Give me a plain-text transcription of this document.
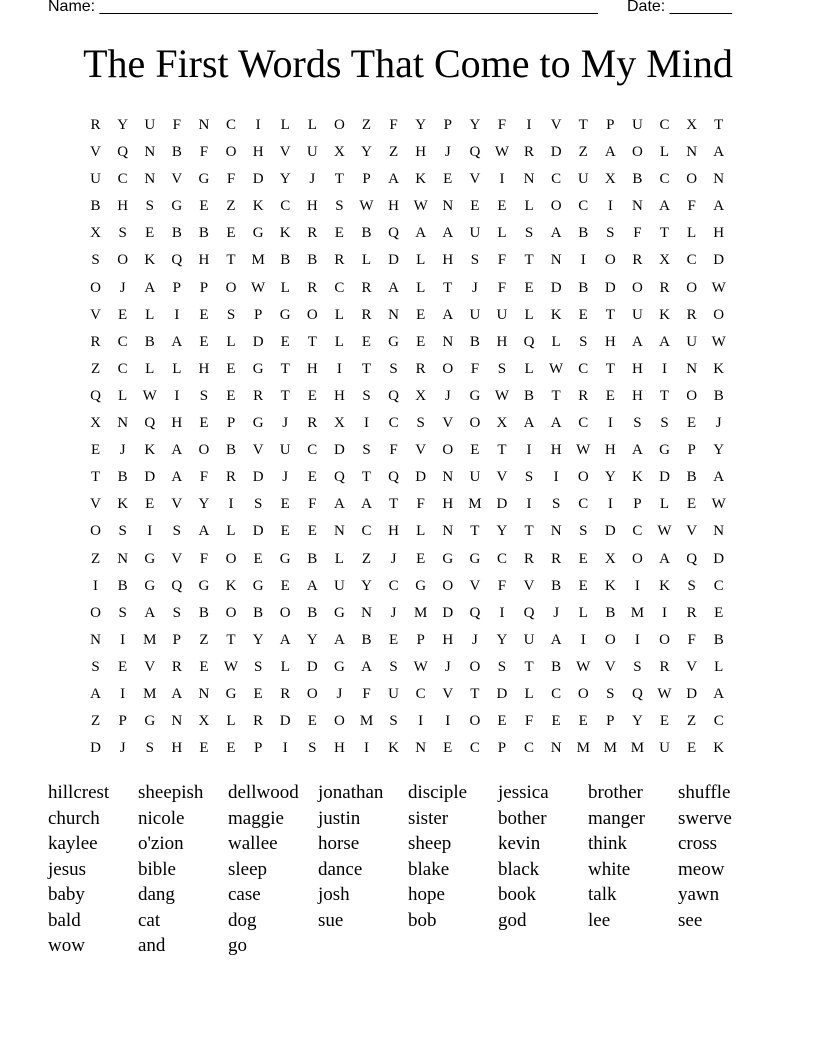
Name: ________________________________________________________ Date: _______
The First Words That Come to My Mind
R	Y	U	F	N	C	I	L	L	O	Z	F	Y	P	Y	F	I	V	T	P	U	C	X	T
V	Q	N	B	F	O	H	V	U	X	Y	Z	H	J	Q W	R	D	Z	A	O	L	N	A
U	C	N	V	G	F	D	Y	J	T	P	A	K	E	V	I	N	C	U	X	B	C	O	N
B	H	S	G	E	Z	K	C	H	S	W H W N	E	E	L	O	C	I	N	A	F	A
X	S	E	B	B	E	G	K	R	E	B	Q	A	A	U	L	S	A	B	S	F	T	L	H
S	O	K	Q	H	T	M	B	B	R	L	D	L	H	S	F	T	N	I	O	R	X	C	D
O	J	A	P	P	O W	L	R	C	R	A	L	T	J	F	E	D	B	D	O	R	O W
V	E	L	I	E	S	P	G	O	L	R	N	E	A	U	U	L	K	E	T	U	K	R	O
R	C	B	A	E	L	D	E	T	L	E	G	E	N	B	H	Q	L	S	H	A	A	U W
Z	C	L	L	H	E	G	T	H	I	T	S	R	O	F	S	L	W	C	T	H	I	N	K
Q	L	W	I	S	E	R	T	E	H	S	Q	X	J	G W	B	T	R	E	H	T	O	B
X	N	Q	H	E	P	G	J	R	X	I	C	S	V	O	X	A	A	C	I	S	S	E	J
E	J	K	A	O	B	V	U	C	D	S	F	V	O	E	T	I	H W H	A	G	P	Y
T	B	D	A	F	R	D	J	E	Q	T	Q	D	N	U	V	S	I	O	Y	K	D	B	A
V	K	E	V	Y	I	S	E	F	A	A	T	F	H	M	D	I	S	C	I	P	L	E	W
O	S	I	S	A	L	D	E	E	N	C	H	L	N	T	Y	T	N	S	D	C	W V	N
Z	N	G	V	F	O	E	G	B	L	Z	J	E	G	G	C	R	R	E	X	O	A	Q	D
I	B	G	Q	G	K	G	E	A	U	Y	C	G	O	V	F	V	B	E	K	I	K	S	C
O	S	A	S	B	O	B	O	B	G	N	J	M	D	Q	I	Q	J	L	B	M	I	R	E
N	I	M	P	Z	T	Y	A	Y	A	B	E	P	H	J	Y	U	A	I	O	I	O	F	B
S	E	V	R	E	W	S	L	D	G	A	S	W	J	O	S	T	B	W V	S	R	V	L
A	I	M	A	N	G	E	R	O	J	F	U	C	V	T	D	L	C	O	S	Q W D	A
Z	P	G	N	X	L	R	D	E	O	M	S	I	I	O	E	F	E	E	P	Y	E	Z	C
D	J	S	H	E	E	P	I	S	H	I	K	N	E	C	P	C	N	M M M	U	E	K
hillcrest	sheepish	dellwood	jonathan	disciple	jessica	brother	shuffle
church	nicole	maggie	justin	sister	bother	manger	swerve
kaylee	o'zion	wallee	horse	sheep	kevin	think	cross
jesus	bible	sleep	dance	blake	black	white	meow
baby	dang	case	josh	hope	book	talk	yawn
bald	cat	dog	sue	bob	god	lee	see
wow	and	go
